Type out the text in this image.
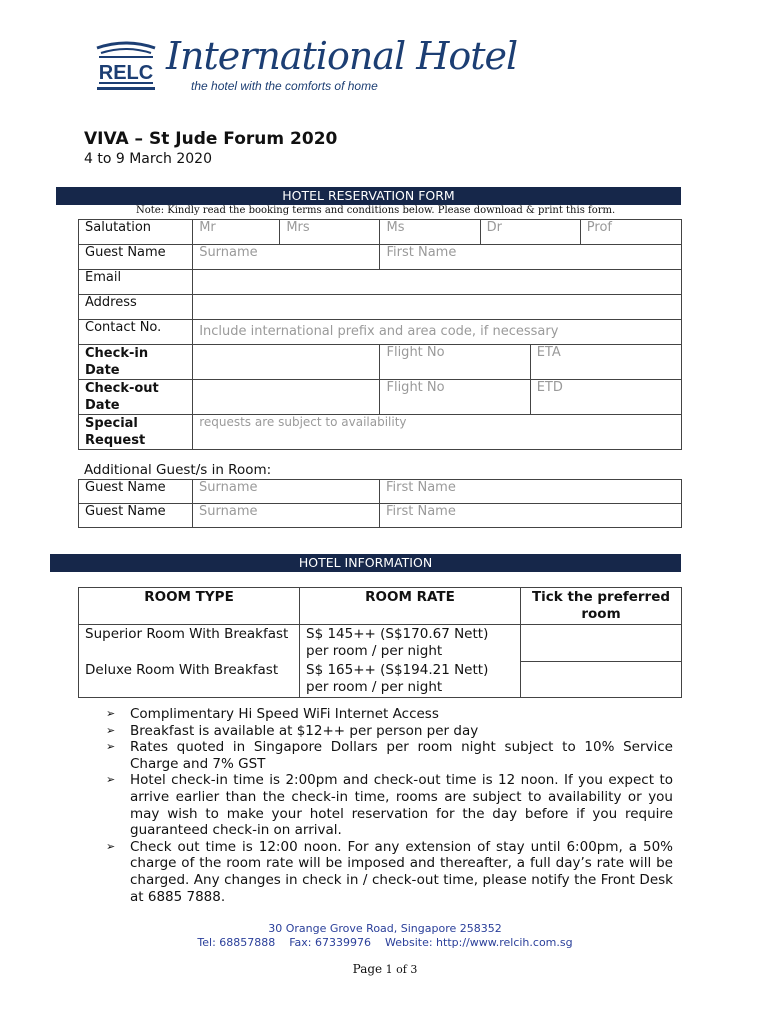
RELC International Hotel
the hotel with the comforts of home
VIVA – St Jude Forum 2020
4 to 9 March 2020
HOTEL RESERVATION FORM
Note: Kindly read the booking terms and conditions below. Please download & print this form.
Salutation	Mr	Mrs	Ms	Dr		Prof
Guest Name	Surname		First Name			
Email						
Address						
Contact No.	Include international prefix and area code, if necessary					
Check-in Date			Flight No		ETA	
Check-out Date			Flight No		ETD	
Special Request	requests are subject to availability					
Additional Guest/s in Room:
Guest Name	Surname	First Name
Guest Name	Surname	First Name
HOTEL INFORMATION
ROOM TYPE	ROOM RATE	Tick the preferred room
Superior Room With Breakfast	S$ 145++ (S$170.67 Nett) per room / per night	
Deluxe Room With Breakfast	S$ 165++ (S$194.21 Nett) per room / per night	
➢ Complimentary Hi Speed WiFi Internet Access
➢ Breakfast is available at $12++ per person per day
➢ Rates quoted in Singapore Dollars per room night subject to 10% Service Charge and 7% GST
➢ Hotel check-in time is 2:00pm and check-out time is 12 noon. If you expect to arrive earlier than the check-in time, rooms are subject to availability or you may wish to make your hotel reservation for the day before if you require guaranteed check-in on arrival.
➢ Check out time is 12:00 noon. For any extension of stay until 6:00pm, a 50% charge of the room rate will be imposed and thereafter, a full day’s rate will be charged. Any changes in check in / check-out time, please notify the Front Desk at 6885 7888.
30 Orange Grove Road, Singapore 258352
Tel: 68857888    Fax: 67339976    Website: http://www.relcih.com.sg
Page 1 of 3
